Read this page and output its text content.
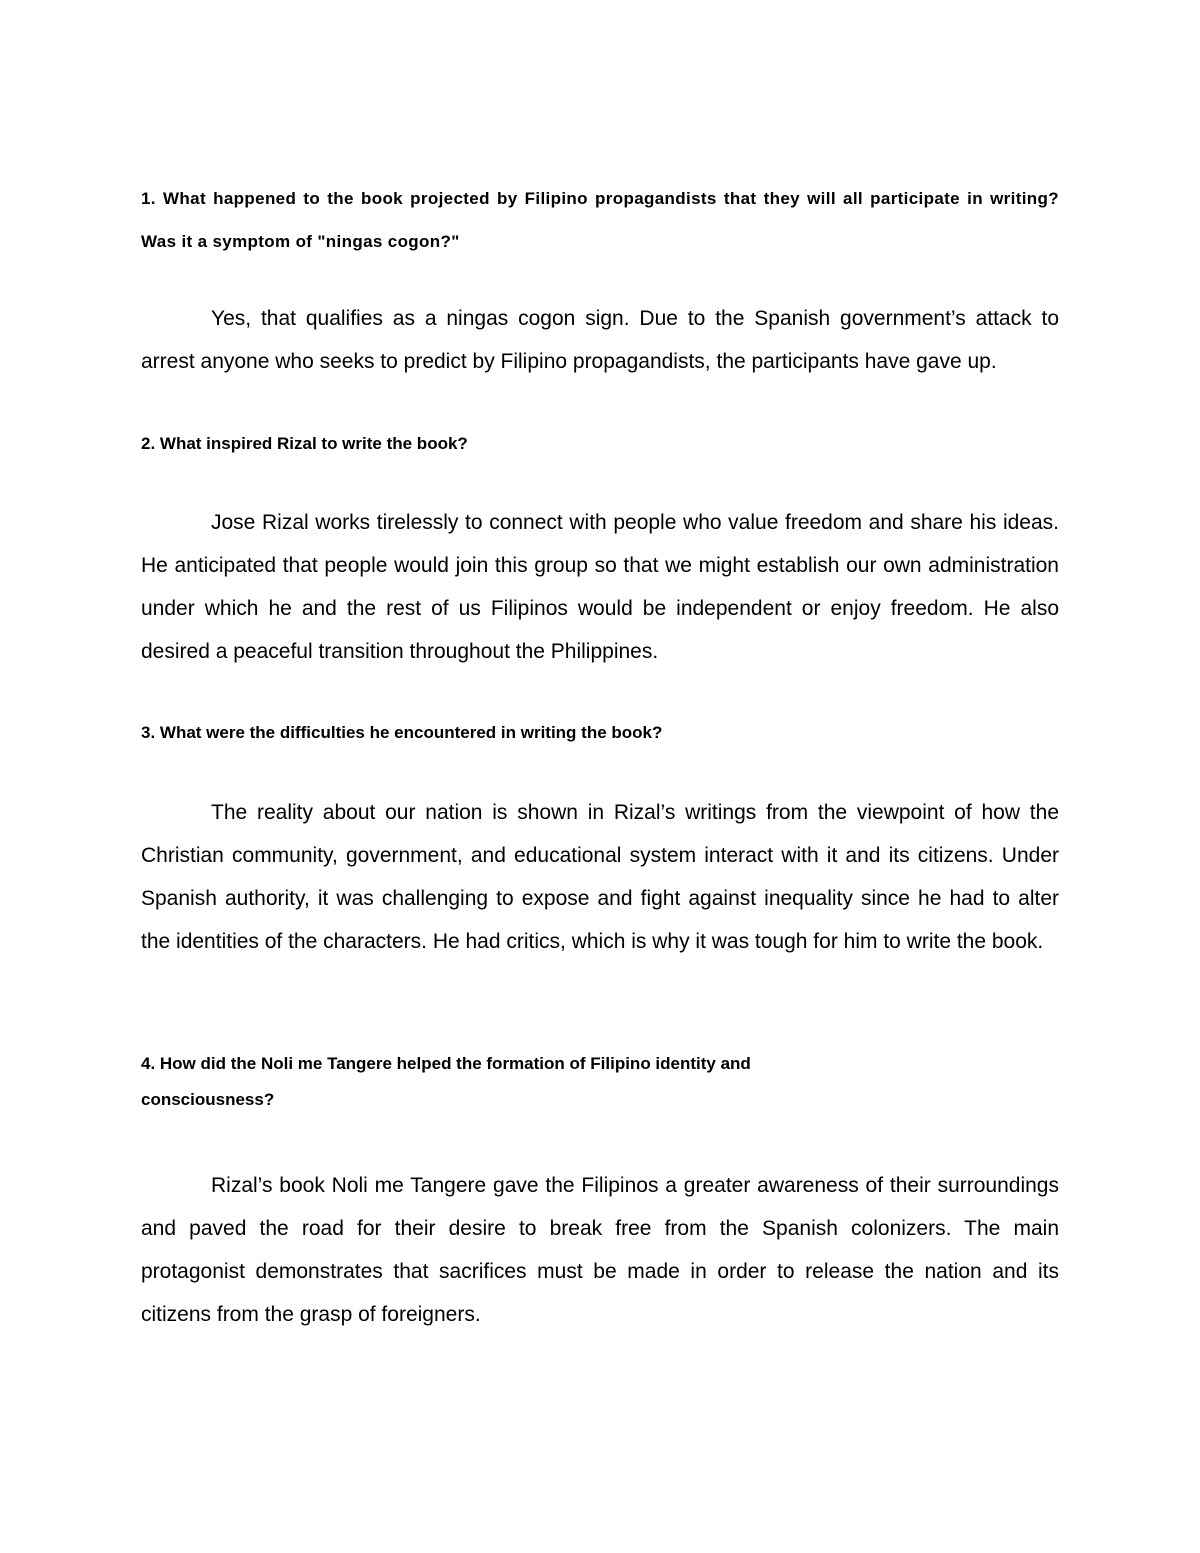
1. What happened to the book projected by Filipino propagandists that they will all participate in writing? Was it a symptom of "ningas cogon?"

Yes, that qualifies as a ningas cogon sign. Due to the Spanish government’s attack to arrest anyone who seeks to predict by Filipino propagandists, the participants have gave up.

2. What inspired Rizal to write the book?

Jose Rizal works tirelessly to connect with people who value freedom and share his ideas. He anticipated that people would join this group so that we might establish our own administration under which he and the rest of us Filipinos would be independent or enjoy freedom. He also desired a peaceful transition throughout the Philippines.

3. What were the difficulties he encountered in writing the book?

The reality about our nation is shown in Rizal’s writings from the viewpoint of how the Christian community, government, and educational system interact with it and its citizens. Under Spanish authority, it was challenging to expose and fight against inequality since he had to alter the identities of the characters. He had critics, which is why it was tough for him to write the book.

4. How did the Noli me Tangere helped the formation of Filipino identity and consciousness?

Rizal’s book Noli me Tangere gave the Filipinos a greater awareness of their surroundings and paved the road for their desire to break free from the Spanish colonizers. The main protagonist demonstrates that sacrifices must be made in order to release the nation and its citizens from the grasp of foreigners.
